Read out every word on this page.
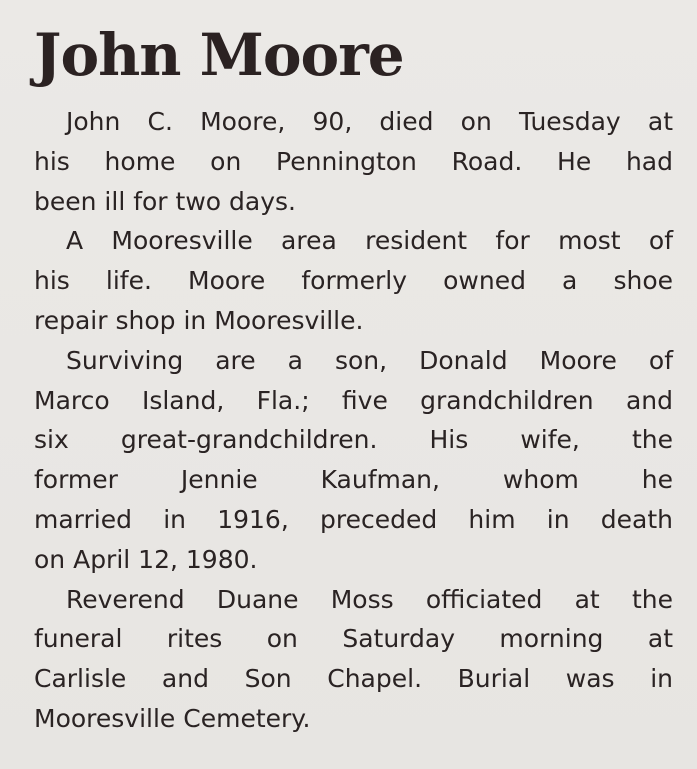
John Moore
John C. Moore, 90, died on Tuesday at
his home on Pennington Road. He had
been ill for two days.
A Mooresville area resident for most of
his life. Moore formerly owned a shoe
repair shop in Mooresville.
Surviving are a son, Donald Moore of
Marco Island, Fla.; five grandchildren and
six great-grandchildren. His wife, the
former Jennie Kaufman, whom he
married in 1916, preceded him in death
on April 12, 1980.
Reverend Duane Moss officiated at the
funeral rites on Saturday morning at
Carlisle and Son Chapel. Burial was in
Mooresville Cemetery.
